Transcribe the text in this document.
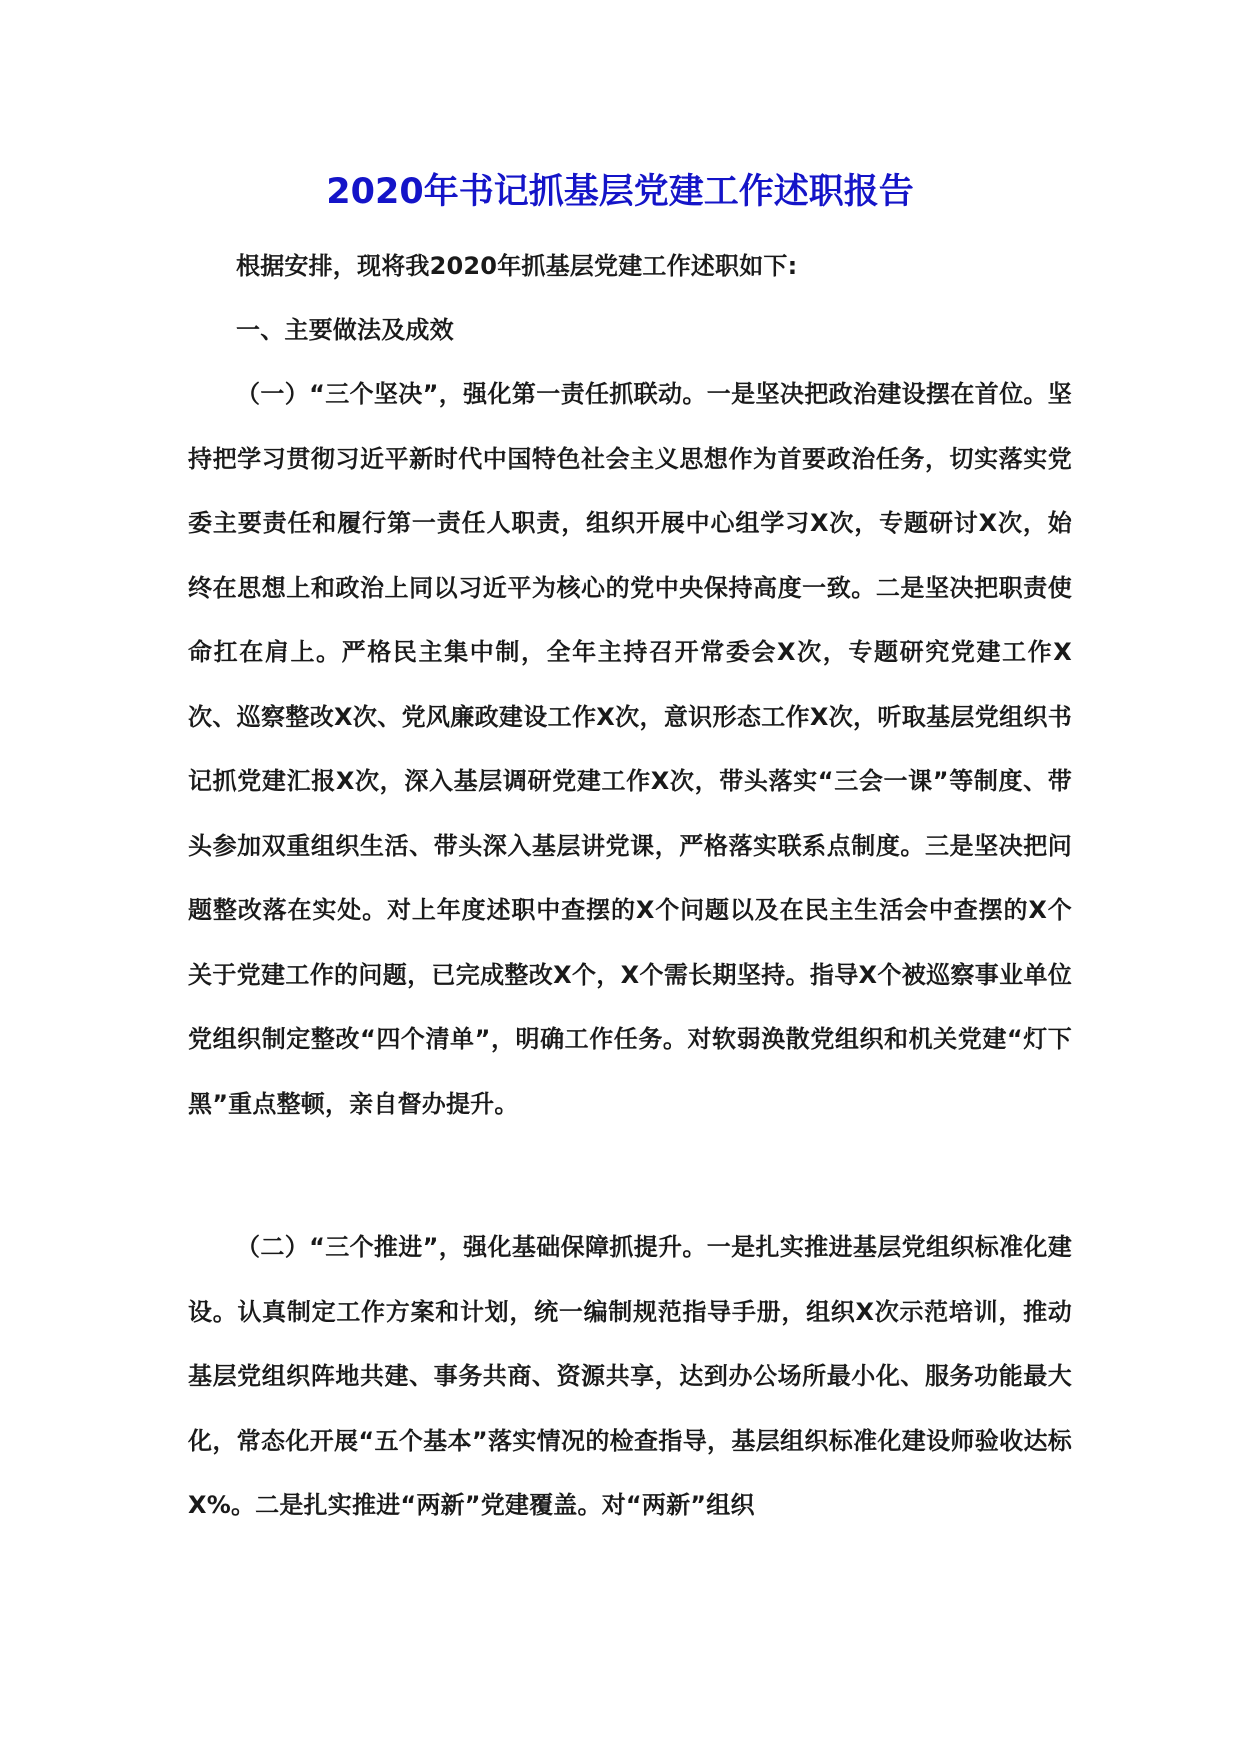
2020年书记抓基层党建工作述职报告

根据安排，现将我2020年抓基层党建工作述职如下:

一、主要做法及成效

（一）“三个坚决”，强化第一责任抓联动。一是坚决把政治建设摆在首位。坚持把学习贯彻习近平新时代中国特色社会主义思想作为首要政治任务，切实落实党委主要责任和履行第一责任人职责，组织开展中心组学习X次，专题研讨X次，始终在思想上和政治上同以习近平为核心的党中央保持高度一致。二是坚决把职责使命扛在肩上。严格民主集中制，全年主持召开常委会X次，专题研究党建工作X次、巡察整改X次、党风廉政建设工作X次，意识形态工作X次，听取基层党组织书记抓党建汇报X次，深入基层调研党建工作X次，带头落实“三会一课”等制度、带头参加双重组织生活、带头深入基层讲党课，严格落实联系点制度。三是坚决把问题整改落在实处。对上年度述职中查摆的X个问题以及在民主生活会中查摆的X个关于党建工作的问题，已完成整改X个，X个需长期坚持。指导X个被巡察事业单位党组织制定整改“四个清单”，明确工作任务。对软弱涣散党组织和机关党建“灯下黑”重点整顿，亲自督办提升。

（二）“三个推进”，强化基础保障抓提升。一是扎实推进基层党组织标准化建设。认真制定工作方案和计划，统一编制规范指导手册，组织X次示范培训，推动基层党组织阵地共建、事务共商、资源共享，达到办公场所最小化、服务功能最大化，常态化开展“五个基本”落实情况的检查指导，基层组织标准化建设师验收达标X%。二是扎实推进“两新”党建覆盖。对“两新”组织
